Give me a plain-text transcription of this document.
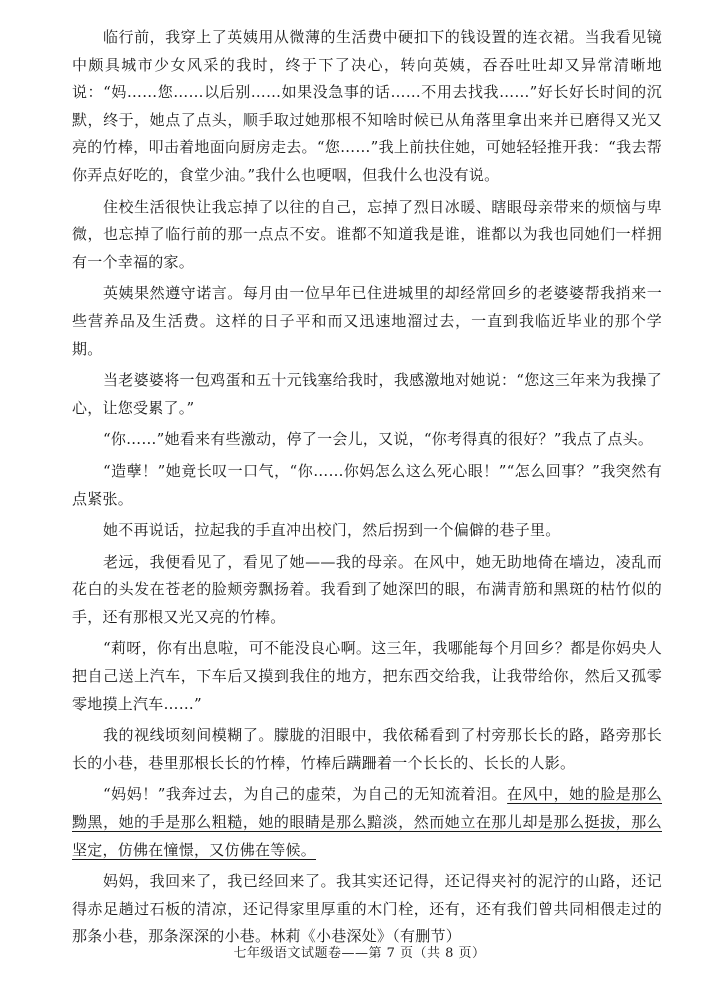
临行前，我穿上了英姨用从微薄的生活费中硬扣下的钱设置的连衣裙。当我看见镜中颇具城市少女风采的我时，终于下了决心，转向英姨，吞吞吐吐却又异常清晰地说：“妈……您……以后别……如果没急事的话……不用去找我……”好长好长时间的沉默，终于，她点了点头，顺手取过她那根不知啥时候已从角落里拿出来并已磨得又光又亮的竹棒，叩击着地面向厨房走去。“您……”我上前扶住她，可她轻轻推开我：“我去帮你弄点好吃的，食堂少油。”我什么也哽咽，但我什么也没有说。

住校生活很快让我忘掉了以往的自己，忘掉了烈日冰暖、瞎眼母亲带来的烦恼与卑微，也忘掉了临行前的那一点点不安。谁都不知道我是谁，谁都以为我也同她们一样拥有一个幸福的家。

英姨果然遵守诺言。每月由一位早年已住进城里的却经常回乡的老婆婆帮我捎来一些营养品及生活费。这样的日子平和而又迅速地溜过去，一直到我临近毕业的那个学期。

当老婆婆将一包鸡蛋和五十元钱塞给我时，我感激地对她说：“您这三年来为我操了心，让您受累了。”

“你……”她看来有些激动，停了一会儿，又说，“你考得真的很好？”我点了点头。

“造孽！”她竟长叹一口气，“你……你妈怎么这么死心眼！”“怎么回事？”我突然有点紧张。

她不再说话，拉起我的手直冲出校门，然后拐到一个偏僻的巷子里。

老远，我便看见了，看见了她——我的母亲。在风中，她无助地倚在墙边，凌乱而花白的头发在苍老的脸颊旁飘扬着。我看到了她深凹的眼，布满青筋和黑斑的枯竹似的手，还有那根又光又亮的竹棒。

“莉呀，你有出息啦，可不能没良心啊。这三年，我哪能每个月回乡？都是你妈央人把自己送上汽车，下车后又摸到我住的地方，把东西交给我，让我带给你，然后又孤零零地摸上汽车……”

我的视线顷刻间模糊了。朦胧的泪眼中，我依稀看到了村旁那长长的路，路旁那长长的小巷，巷里那根长长的竹棒，竹棒后蹒跚着一个长长的、长长的人影。

“妈妈！”我奔过去，为自己的虚荣，为自己的无知流着泪。在风中，她的脸是那么黝黑，她的手是那么粗糙，她的眼睛是那么黯淡，然而她立在那儿却是那么挺拔，那么坚定，仿佛在憧憬，又仿佛在等候。

妈妈，我回来了，我已经回来了。我其实还记得，还记得夹衬的泥泞的山路，还记得赤足趟过石板的清凉，还记得家里厚重的木门栓，还有，还有我们曾共同相偎走过的那条小巷，那条深深的小巷。林莉《小巷深处》（有删节）

七年级语文试题卷——第 7 页（共 8 页）
